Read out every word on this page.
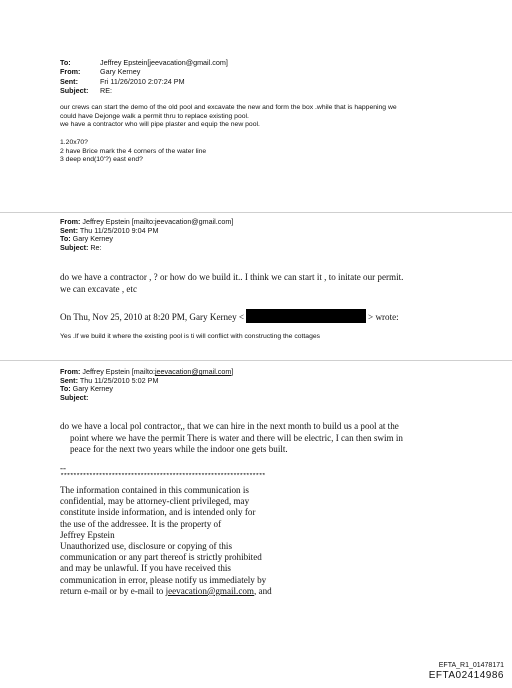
To:	Jeffrey Epstein[jeevacation@gmail.com]
From:	Gary Kerney
Sent:	Fri 11/26/2010 2:07:24 PM
Subject:	RE:

our crews can start the demo of the old pool and excavate the new and form the box .while that is happening we

could have Dejonge walk a permit thru to replace existing pool.

we have a contractor who will pipe plaster and equip the new pool.

1.20x70?

2 have Brice mark the 4 corners of the water line

3 deep end(10'?) east end?

From: Jeffrey Epstein [mailto:jeevacation@gmail.com]

Sent: Thu 11/25/2010 9:04 PM

To: Gary Kerney

Subject: Re:

do we have a contractor , ? or how do we build it.. I think we can start it , to initate our permit.

we can excavate , etc

On Thu, Nov 25, 2010 at 8:20 PM, Gary Kerney <	> wrote:
Yes .If we build it where the existing pool is ti will conflict with constructing the cottages

From: Jeffrey Epstein [mailto:jeevacation@gmail.com]

Sent: Thu 11/25/2010 5:02 PM

To: Gary Kerney

Subject:

do we have a local pol contractor,, that we can hire in the next month to build us a pool at the

point where we have the permit There is water and there will be electric, I can then swim in

peace for the next two years while the indoor one gets built.

--
****************************************************************

The information contained in this communication is

confidential, may be attorney-client privileged, may

constitute inside information, and is intended only for

the use of the addressee. It is the property of

Jeffrey Epstein

Unauthorized use, disclosure or copying of this

communication or any part thereof is strictly prohibited

and may be unlawful. If you have received this

communication in error, please notify us immediately by

return e-mail or by e-mail to jeevacation@gmail.com, and

EFTA_R1_01478171
EFTA02414986
